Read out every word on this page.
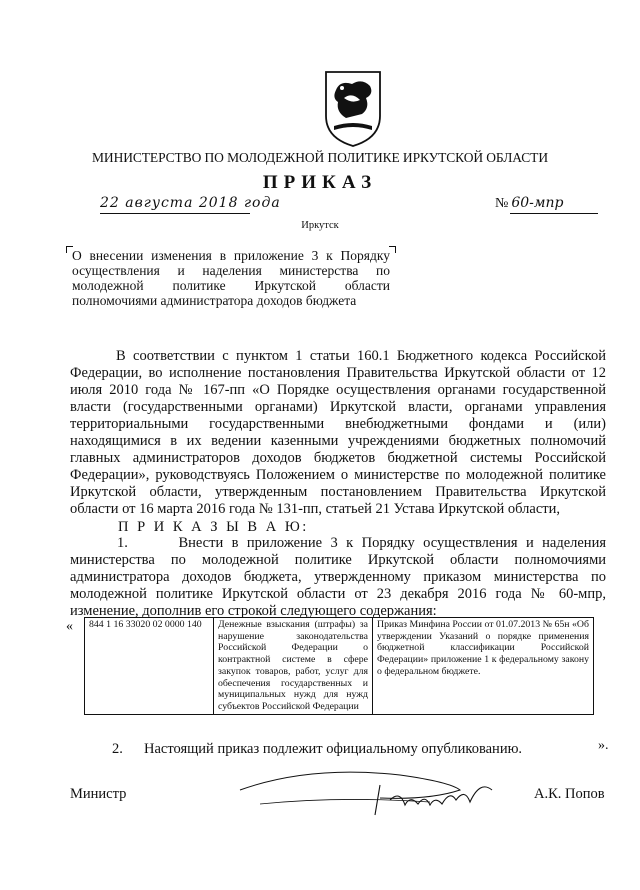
МИНИСТЕРСТВО ПО МОЛОДЕЖНОЙ ПОЛИТИКЕ ИРКУТСКОЙ ОБЛАСТИ
ПРИКАЗ
22 августа 2018 года	№ 60-мпр
Иркутск
О внесении изменения в приложение 3 к Порядку осуществления и наделения министерства по молодежной политике Иркутской области полномочиями администратора доходов бюджета

В соответствии с пунктом 1 статьи 160.1 Бюджетного кодекса Российской Федерации, во исполнение постановления Правительства Иркутской области от 12 июля 2010 года № 167-пп «О Порядке осуществления органами государственной власти (государственными органами) Иркутской власти, органами управления территориальными государственными внебюджетными фондами и (или) находящимися в их ведении казенными учреждениями бюджетных полномочий главных администраторов доходов бюджетов бюджетной системы Российской Федерации», руководствуясь Положением о министерстве по молодежной политике Иркутской области, утвержденным постановлением Правительства Иркутской области от 16 марта 2016 года № 131-пп, статьей 21 Устава Иркутской области,

П Р И К А З Ы В А Ю:
1.	Внести в приложение 3 к Порядку осуществления и наделения министерства по молодежной политике Иркутской области полномочиями администратора доходов бюджета, утвержденному приказом министерства по молодежной политике Иркутской области от 23 декабря 2016 года № 60-мпр, изменение, дополнив его строкой следующего содержания:
« 844 1 16 33020 02 0000 140	Денежные взыскания (штрафы) за нарушение законодательства Российской Федерации о контрактной системе в сфере закупок товаров, работ, услуг для обеспечения государственных и муниципальных нужд для нужд субъектов Российской Федерации	Приказ Минфина России от 01.07.2013 № 65н «Об утверждении Указаний о порядке применения бюджетной классификации Российской Федерации» приложение 1 к федеральному закону о федеральном бюджете.
».
2. Настоящий приказ подлежит официальному опубликованию.
Министр	А.К. Попов
